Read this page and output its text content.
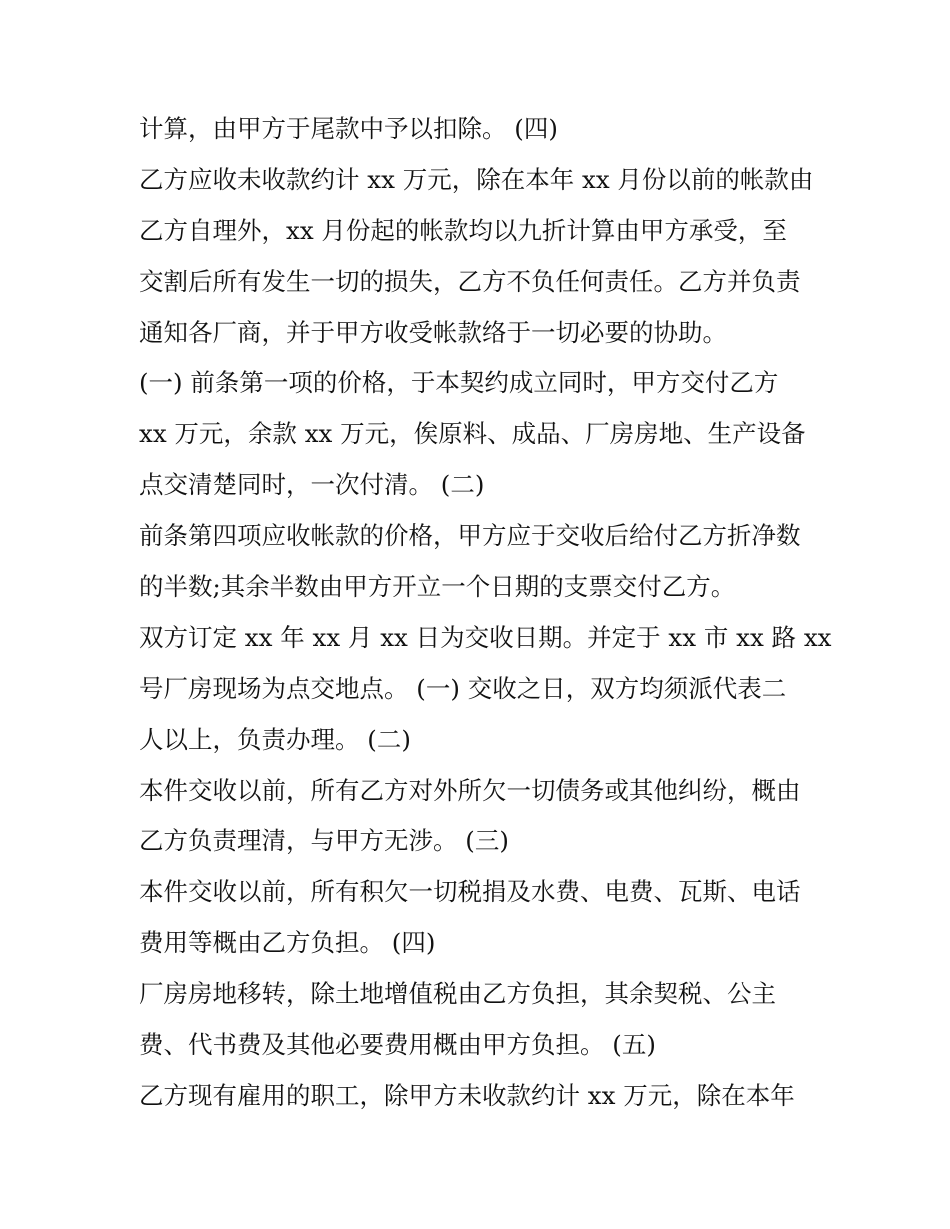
计算，由甲方于尾款中予以扣除。 (四)
乙方应收未收款约计 xx 万元，除在本年 xx 月份以前的帐款由
乙方自理外，xx 月份起的帐款均以九折计算由甲方承受，至
交割后所有发生一切的损失，乙方不负任何责任。乙方并负责
通知各厂商，并于甲方收受帐款络于一切必要的协助。
(一) 前条第一项的价格，于本契约成立同时，甲方交付乙方
xx 万元，余款 xx 万元，俟原料、成品、厂房房地、生产设备
点交清楚同时，一次付清。 (二)
前条第四项应收帐款的价格，甲方应于交收后给付乙方折净数
的半数;其余半数由甲方开立一个日期的支票交付乙方。
双方订定 xx 年 xx 月 xx 日为交收日期。并定于 xx 市 xx 路 xx
号厂房现场为点交地点。 (一) 交收之日，双方均须派代表二
人以上，负责办理。 (二)
本件交收以前，所有乙方对外所欠一切债务或其他纠纷，概由
乙方负责理清，与甲方无涉。 (三)
本件交收以前，所有积欠一切税捐及水费、电费、瓦斯、电话
费用等概由乙方负担。 (四)
厂房房地移转，除土地增值税由乙方负担，其余契税、公主
费、代书费及其他必要费用概由甲方负担。 (五)
乙方现有雇用的职工，除甲方未收款约计 xx 万元，除在本年
